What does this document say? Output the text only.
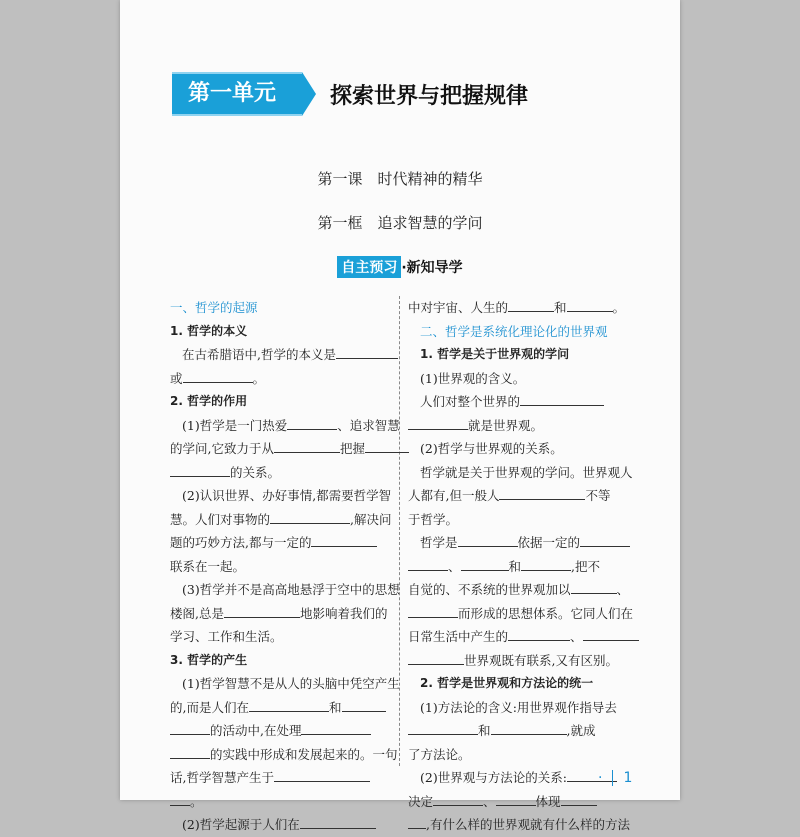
第一单元	探索世界与把握规律
第一课　时代精神的精华
第一框　追求智慧的学问
自主预习 ·新知导学
一、哲学的起源
1. 哲学的本义
在古希腊语中,哲学的本义是
或	。
2. 哲学的作用
(1)哲学是一门热爱	、追求智慧
的学问,它致力于从	把握
的关系。
(2)认识世界、办好事情,都需要哲学智
慧。人们对事物的	,解决问
题的巧妙方法,都与一定的
联系在一起。
(3)哲学并不是高高地悬浮于空中的思想
楼阁,总是	地影响着我们的
学习、工作和生活。
3. 哲学的产生
(1)哲学智慧不是从人的头脑中凭空产生
的,而是人们在	和
的活动中,在处理
的实践中形成和发展起来的。一句
话,哲学智慧产生于
。
(2)哲学起源于人们在
中对宇宙、人生的	和	。
二、哲学是系统化理论化的世界观
1. 哲学是关于世界观的学问
(1)世界观的含义。
人们对整个世界的
就是世界观。
(2)哲学与世界观的关系。
哲学就是关于世界观的学问。世界观人
人都有,但一般人	不等
于哲学。
哲学是	依据一定的
、	和	,把不
自觉的、不系统的世界观加以	、
而形成的思想体系。它同人们在
日常生活中产生的	、
世界观既有联系,又有区别。
2. 哲学是世界观和方法论的统一
(1)方法论的含义:用世界观作指导去
和	,就成
了方法论。
(2)世界观与方法论的关系:
决定	、	体现
,有什么样的世界观就有什么样的方法
· 1
